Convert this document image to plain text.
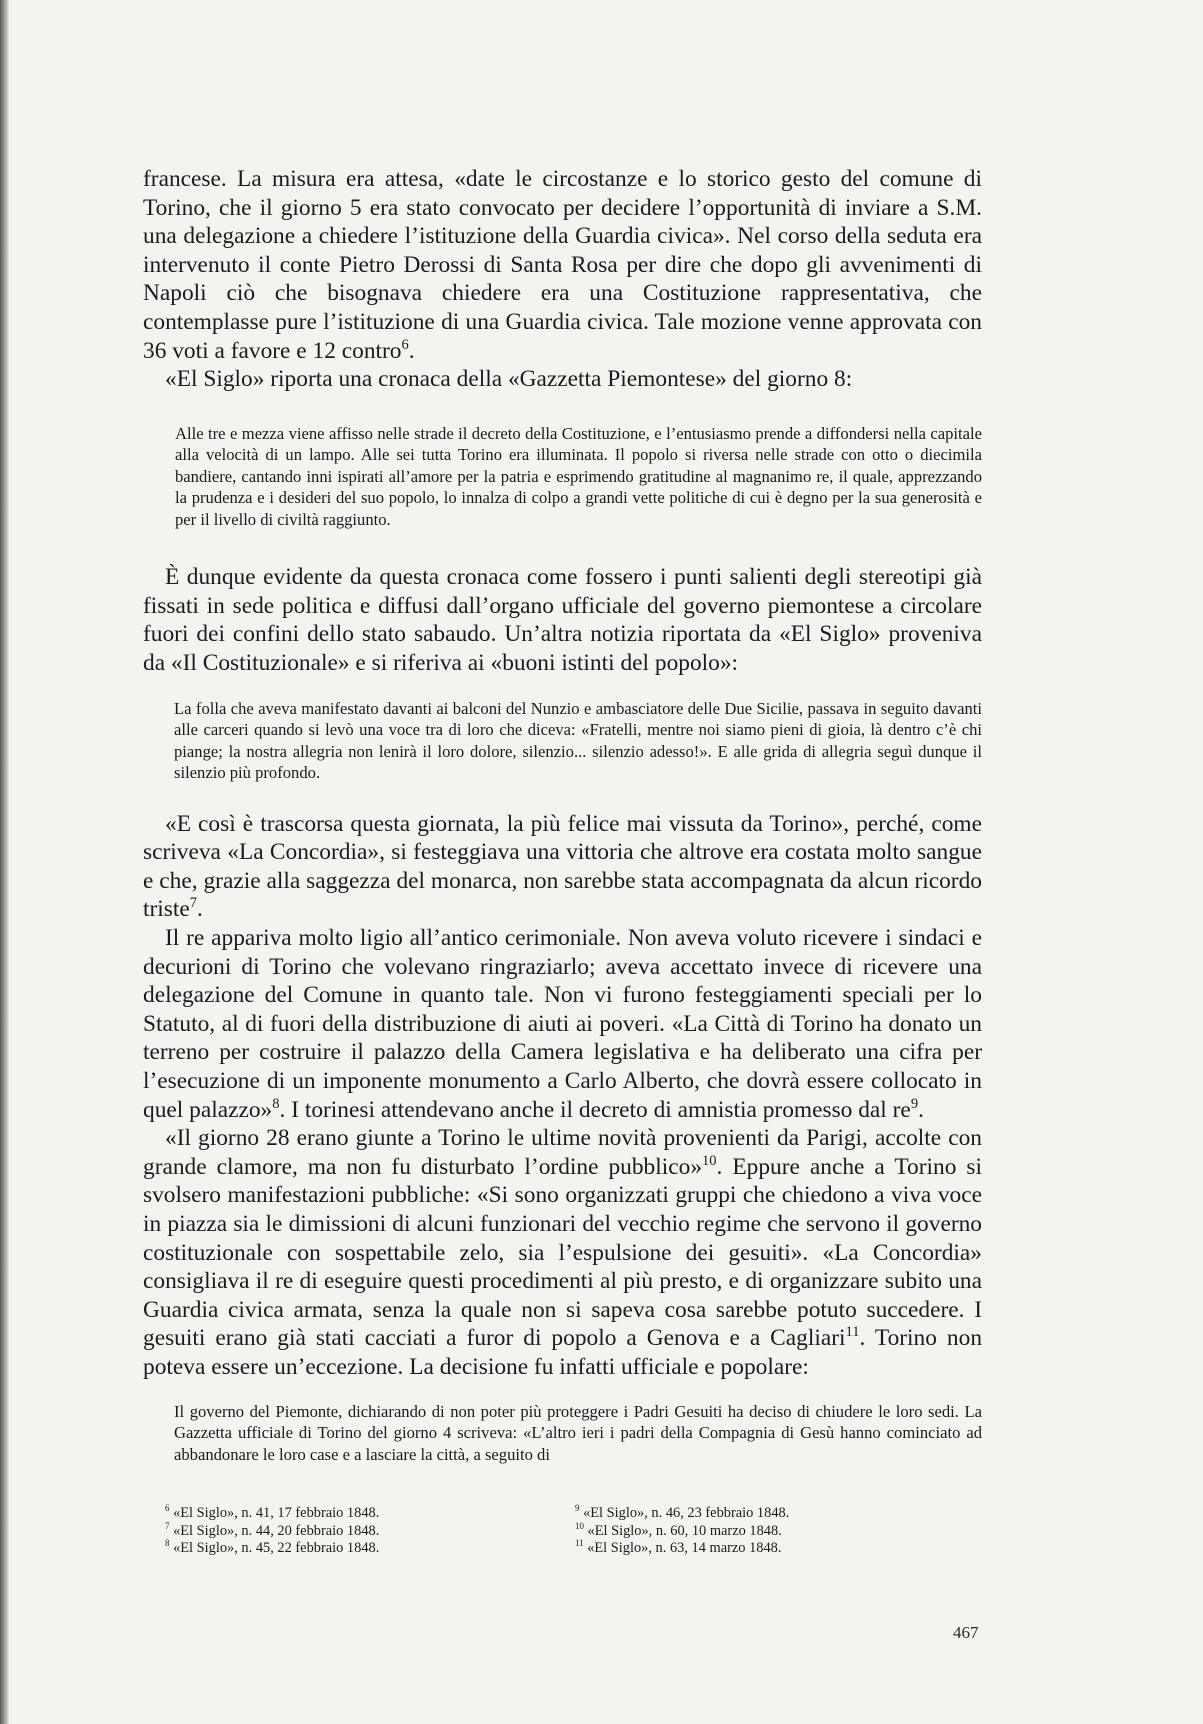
francese. La misura era attesa, «date le circostanze e lo storico gesto del comune di Torino, che il giorno 5 era stato convocato per decidere l’opportunità di inviare a S.M. una delegazione a chiedere l’istituzione della Guardia civica». Nel corso della seduta era intervenuto il conte Pietro Derossi di Santa Rosa per dire che dopo gli avvenimenti di Napoli ciò che bisognava chiedere era una Costituzione rappresentativa, che contemplasse pure l’istituzione di una Guardia civica. Tale mozione venne approvata con 36 voti a favore e 12 contro$^6$.

«El Siglo» riporta una cronaca della «Gazzetta Piemontese» del giorno 8:

Alle tre e mezza viene affisso nelle strade il decreto della Costituzione, e l’entusiasmo prende a diffondersi nella capitale alla velocità di un lampo. Alle sei tutta Torino era illuminata. Il popolo si riversa nelle strade con otto o diecimila bandiere, cantando inni ispirati all’amore per la patria e esprimendo gratitudine al magnanimo re, il quale, apprezzando la prudenza e i desideri del suo popolo, lo innalza di colpo a grandi vette politiche di cui è degno per la sua generosità e per il livello di civiltà raggiunto.

È dunque evidente da questa cronaca come fossero i punti salienti degli stereotipi già fissati in sede politica e diffusi dall’organo ufficiale del governo piemontese a circolare fuori dei confini dello stato sabaudo. Un’altra notizia riportata da «El Siglo» proveniva da «Il Costituzionale» e si riferiva ai «buoni istinti del popolo»:

La folla che aveva manifestato davanti ai balconi del Nunzio e ambasciatore delle Due Sicilie, passava in seguito davanti alle carceri quando si levò una voce tra di loro che diceva: «Fratelli, mentre noi siamo pieni di gioia, là dentro c’è chi piange; la nostra allegria non lenirà il loro dolore, silenzio... silenzio adesso!». E alle grida di allegria seguì dunque il silenzio più profondo.

«E così è trascorsa questa giornata, la più felice mai vissuta da Torino», perché, come scriveva «La Concordia», si festeggiava una vittoria che altrove era costata molto sangue e che, grazie alla saggezza del monarca, non sarebbe stata accompagnata da alcun ricordo triste$^7$.

Il re appariva molto ligio all’antico cerimoniale. Non aveva voluto ricevere i sindaci e decurioni di Torino che volevano ringraziarlo; aveva accettato invece di ricevere una delegazione del Comune in quanto tale. Non vi furono festeggiamenti speciali per lo Statuto, al di fuori della distribuzione di aiuti ai poveri. «La Città di Torino ha donato un terreno per costruire il palazzo della Camera legislativa e ha deliberato una cifra per l’esecuzione di un imponente monumento a Carlo Alberto, che dovrà essere collocato in quel palazzo»$^8$. I torinesi attendevano anche il decreto di amnistia promesso dal $re^9$.

«Il giorno 28 erano giunte a Torino le ultime novità provenienti da Parigi, accolte con grande clamore, ma non fu disturbato l’ordine pubblico»$^{10}$. Eppure anche a Torino si svolsero manifestazioni pubbliche: «Si sono organizzati gruppi che chiedono a viva voce in piazza sia le dimissioni di alcuni funzionari del vecchio regime che servono il governo costituzionale con sospettabile zelo, sia l’espulsione dei gesuiti». «La Concordia» consigliava il re di eseguire questi procedimenti al più presto, e di organizzare subito una Guardia civica armata, senza la quale non si sapeva cosa sarebbe potuto succedere. I gesuiti erano già stati cacciati a furor di popolo a Genova e a Cagliari$^{11}$. Torino non poteva essere un’eccezione. La decisione fu infatti ufficiale e popolare:

Il governo del Piemonte, dichiarando di non poter più proteggere i Padri Gesuiti ha deciso di chiudere le loro sedi. La Gazzetta ufficiale di Torino del giorno 4 scriveva: «L’altro ieri i padri della Compagnia di Gesù hanno cominciato ad abbandonare le loro case e a lasciare la città, a seguito di

$^6$ «El Siglo», n. 41, 17 febbraio 1848.
$^7$ «El Siglo», n. 44, 20 febbraio 1848.
$^8$ «El Siglo», n. 45, 22 febbraio 1848.
$^9$ «El Siglo», n. 46, 23 febbraio 1848.
$^{10}$ «El Siglo», n. 60, 10 marzo 1848.
$^{11}$ «El Siglo», n. 63, 14 marzo 1848.
467
